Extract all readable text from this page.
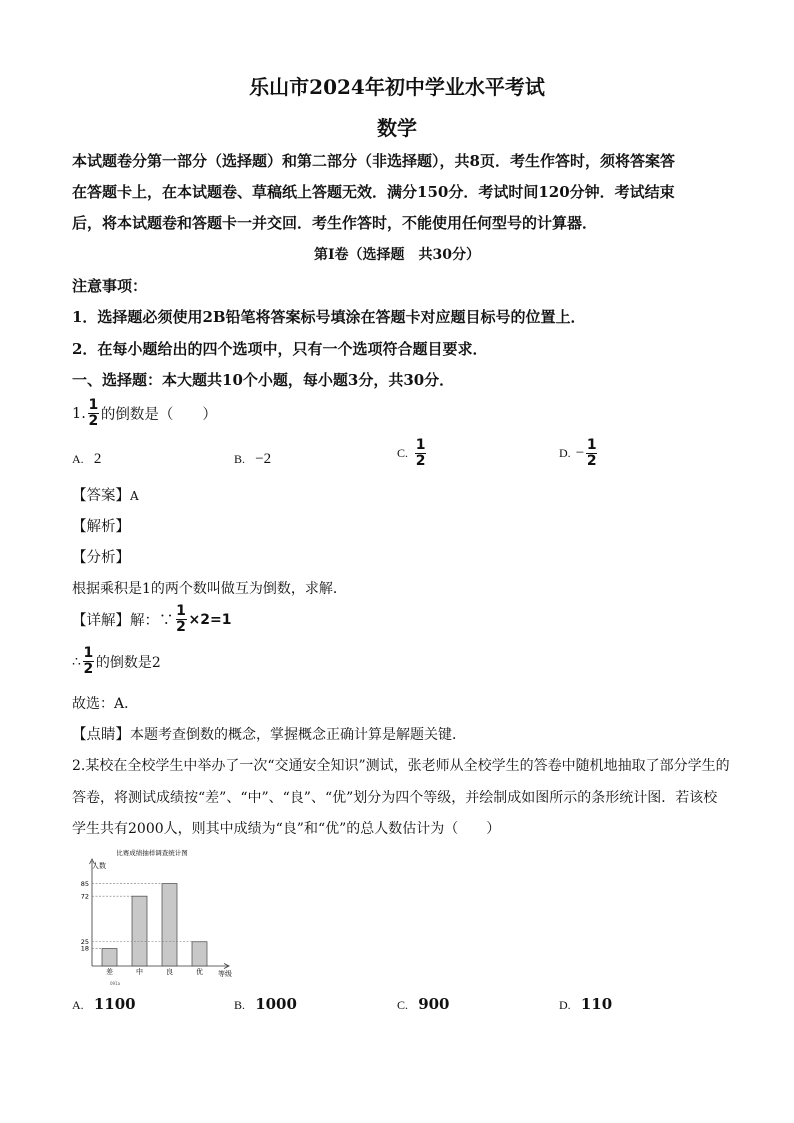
乐山市2024年初中学业水平考试
数学
本试题卷分第一部分（选择题）和第二部分（非选择题），共8页．考生作答时，须将答案答
在答题卡上，在本试题卷、草稿纸上答题无效．满分150分．考试时间120分钟．考试结束
后，将本试题卷和答题卡一并交回．考生作答时，不能使用任何型号的计算器．
第Ⅰ卷（选择题　共30分）
注意事项：
1．选择题必须使用2B铅笔将答案标号填涂在答题卡对应题目标号的位置上．
2．在每小题给出的四个选项中，只有一个选项符合题目要求．
一、选择题：本大题共10个小题，每小题3分，共30分．
1. $\frac{1}{2}$ 的倒数是（　　）
A. 2	B. −2	C.
$\frac{1}{2}$	D.
− $\frac{1}{2}$
【答案】A
【解析】
【分析】
根据乘积是1的两个数叫做互为倒数，求解．
【详解】 解：∵ $\frac{1}{2} \times 2=1$
∴ $\frac{1}{2}$ 的倒数是2
故选：A．
【点睛】本题考查倒数的概念，掌握概念正确计算是解题关键．
2.某校在全校学生中举办了一次“交通安全知识”测试，张老师从全校学生的答卷中随机地抽取了部分学生的
答卷，将测试成绩按“差”、“中”、“良”、“优”划分为四个等级，并绘制成如图所示的条形统计图．若该校
学生共有2000人，则其中成绩为“良”和“优”的总人数估计为（　　）
比赛成绩抽样调查统计图
人数
等级
091a
差	中	良	优
18
72
85
25
A. 1100	B. 1000	C. 900	D. 110
